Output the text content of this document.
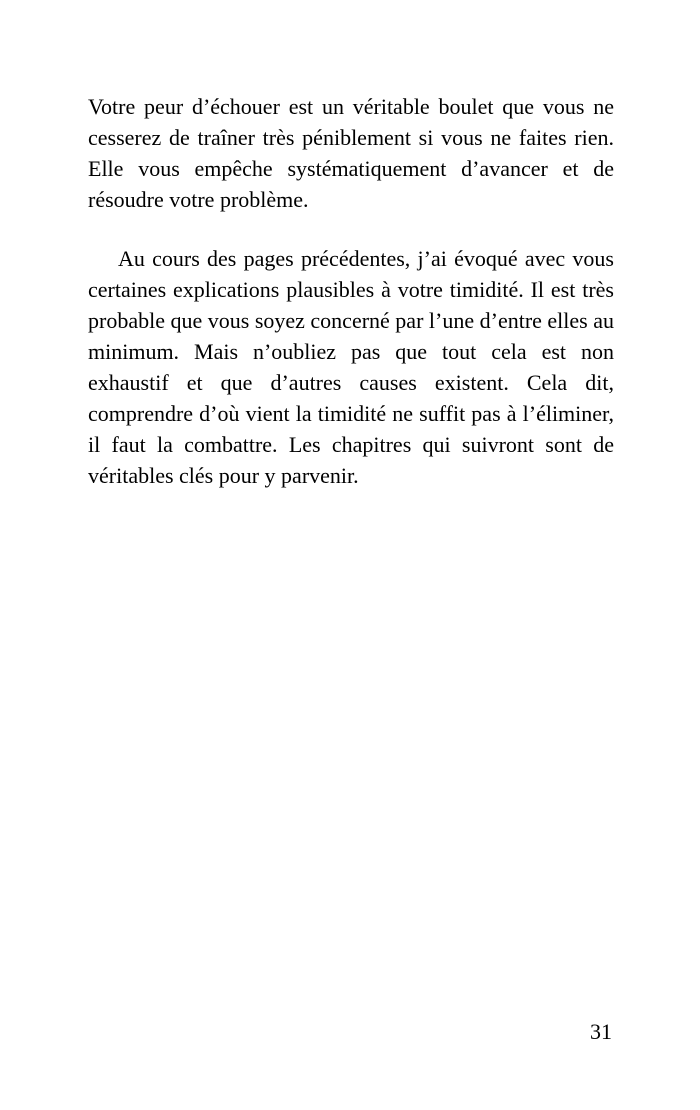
Votre peur d’échouer est un véritable boulet que vous ne cesserez de traîner très péniblement si vous ne faites rien. Elle vous empêche systématiquement d’avancer et de résoudre votre problème.

Au cours des pages précédentes, j’ai évoqué avec vous certaines explications plausibles à votre timidité. Il est très probable que vous soyez concerné par l’une d’entre elles au minimum. Mais n’oubliez pas que tout cela est non exhaustif et que d’autres causes existent. Cela dit, comprendre d’où vient la timidité ne suffit pas à l’éliminer, il faut la combattre. Les chapitres qui suivront sont de véritables clés pour y parvenir.

31
